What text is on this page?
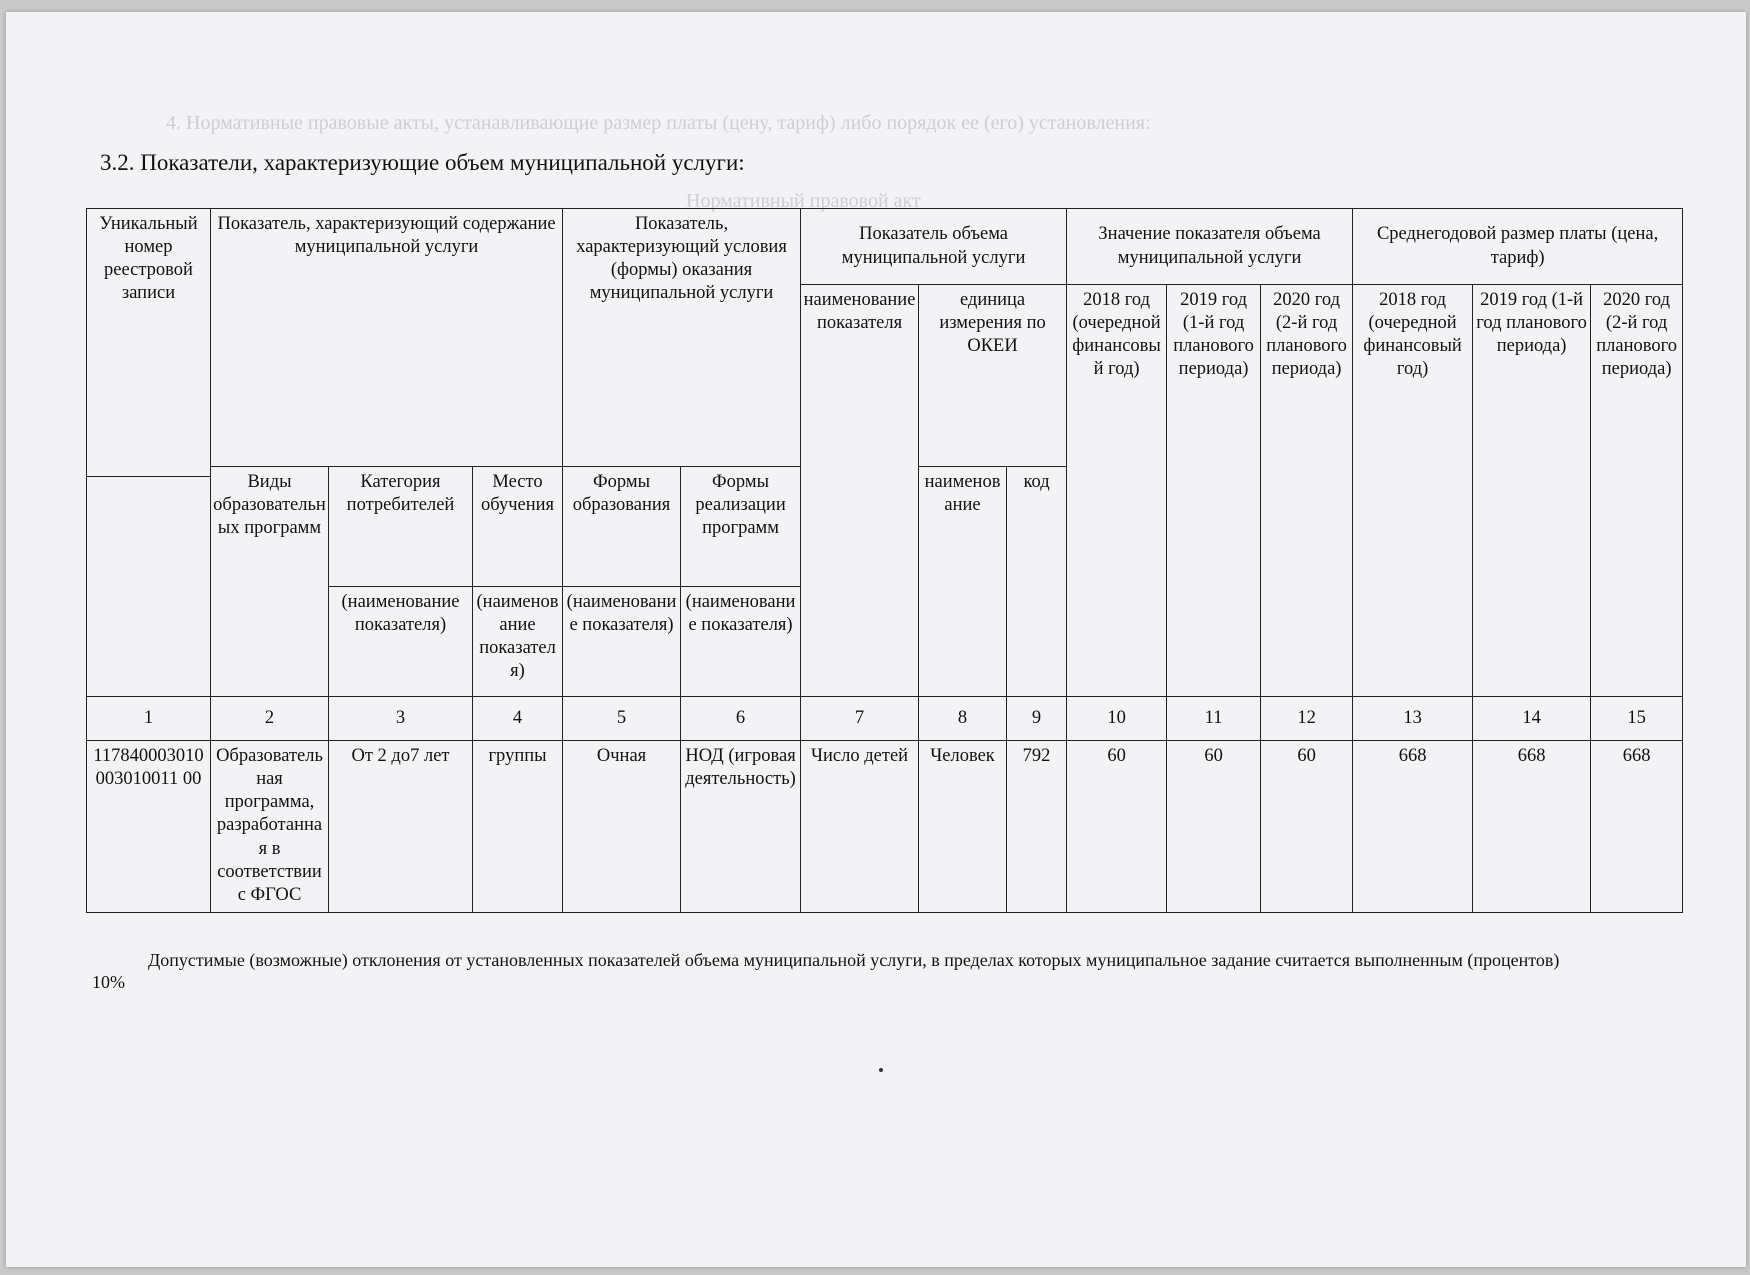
4. Нормативные правовые акты, устанавливающие размер платы (цену, тариф) либо порядок ее (его) установления:
Нормативный правовой акт
3.2. Показатели, характеризующие объем муниципальной услуги:
Уникальный номер реестровой записи	Показатель, характеризующий содержание муниципальной услуги			Показатель, характеризующий условия (формы) оказания муниципальной услуги		Показатель объема муниципальной услуги			Значение показателя объема муниципальной услуги			Среднегодовой размер платы (цена, тариф)		
						наименование показателя	единица измерения по ОКЕИ		2018 год (очередной финансовый год)	2019 год (1-й год планового периода)	2020 год (2-й год планового периода)	2018 год (очередной финансовый год)	2019 год (1-й год планового периода)	2020 год (2-й год планового периода)
	Виды образовательных программ	Категория потребителей	Место обучения	Формы образования	Формы реализации программ		наименование	код						

		(наименование показателя)	(наименование показателя)	(наименование показателя)	(наименование показателя)									
1	2	3	4	5	6	7	8	9	10	11	12	13	14	15
117840003010003010011 00	Образовательная программа, разработанная в соответствии с ФГОС	От 2 до7 лет	группы	Очная	НОД (игровая деятельность)	Число детей	Человек	792	60	60	60	668	668	668
Допустимые (возможные) отклонения от установленных показателей объема муниципальной услуги, в пределах которых муниципальное задание считается выполненным (процентов)
10%
